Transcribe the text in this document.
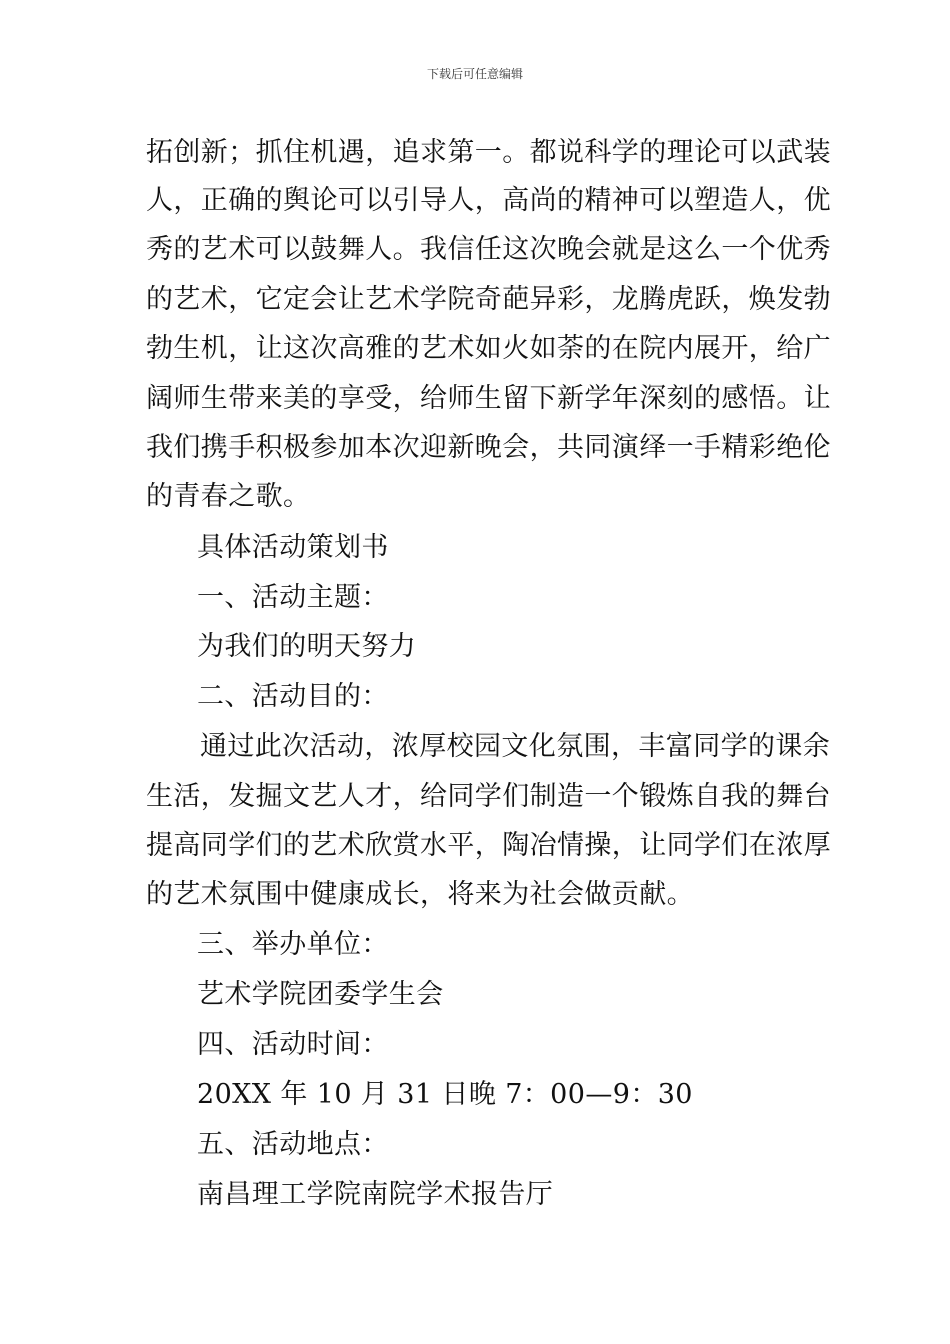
下载后可任意编辑
拓创新；抓住机遇，追求第一。都说科学的理论可以武装
人，正确的舆论可以引导人，高尚的精神可以塑造人，优
秀的艺术可以鼓舞人。我信任这次晚会就是这么一个优秀
的艺术，它定会让艺术学院奇葩异彩，龙腾虎跃，焕发勃
勃生机，让这次高雅的艺术如火如荼的在院内展开，给广
阔师生带来美的享受，给师生留下新学年深刻的感悟。让
我们携手积极参加本次迎新晚会，共同演绎一手精彩绝伦
的青春之歌。
具体活动策划书
一、活动主题：
为我们的明天努力
二、活动目的：
通过此次活动，浓厚校园文化氛围，丰富同学的课余
生活，发掘文艺人才，给同学们制造一个锻炼自我的舞台
提高同学们的艺术欣赏水平，陶冶情操，让同学们在浓厚
的艺术氛围中健康成长，将来为社会做贡献。
三、举办单位：
艺术学院团委学生会
四、活动时间：
20XX 年 10 月 31 日晚 7：00—9：30
五、活动地点：
南昌理工学院南院学术报告厅
